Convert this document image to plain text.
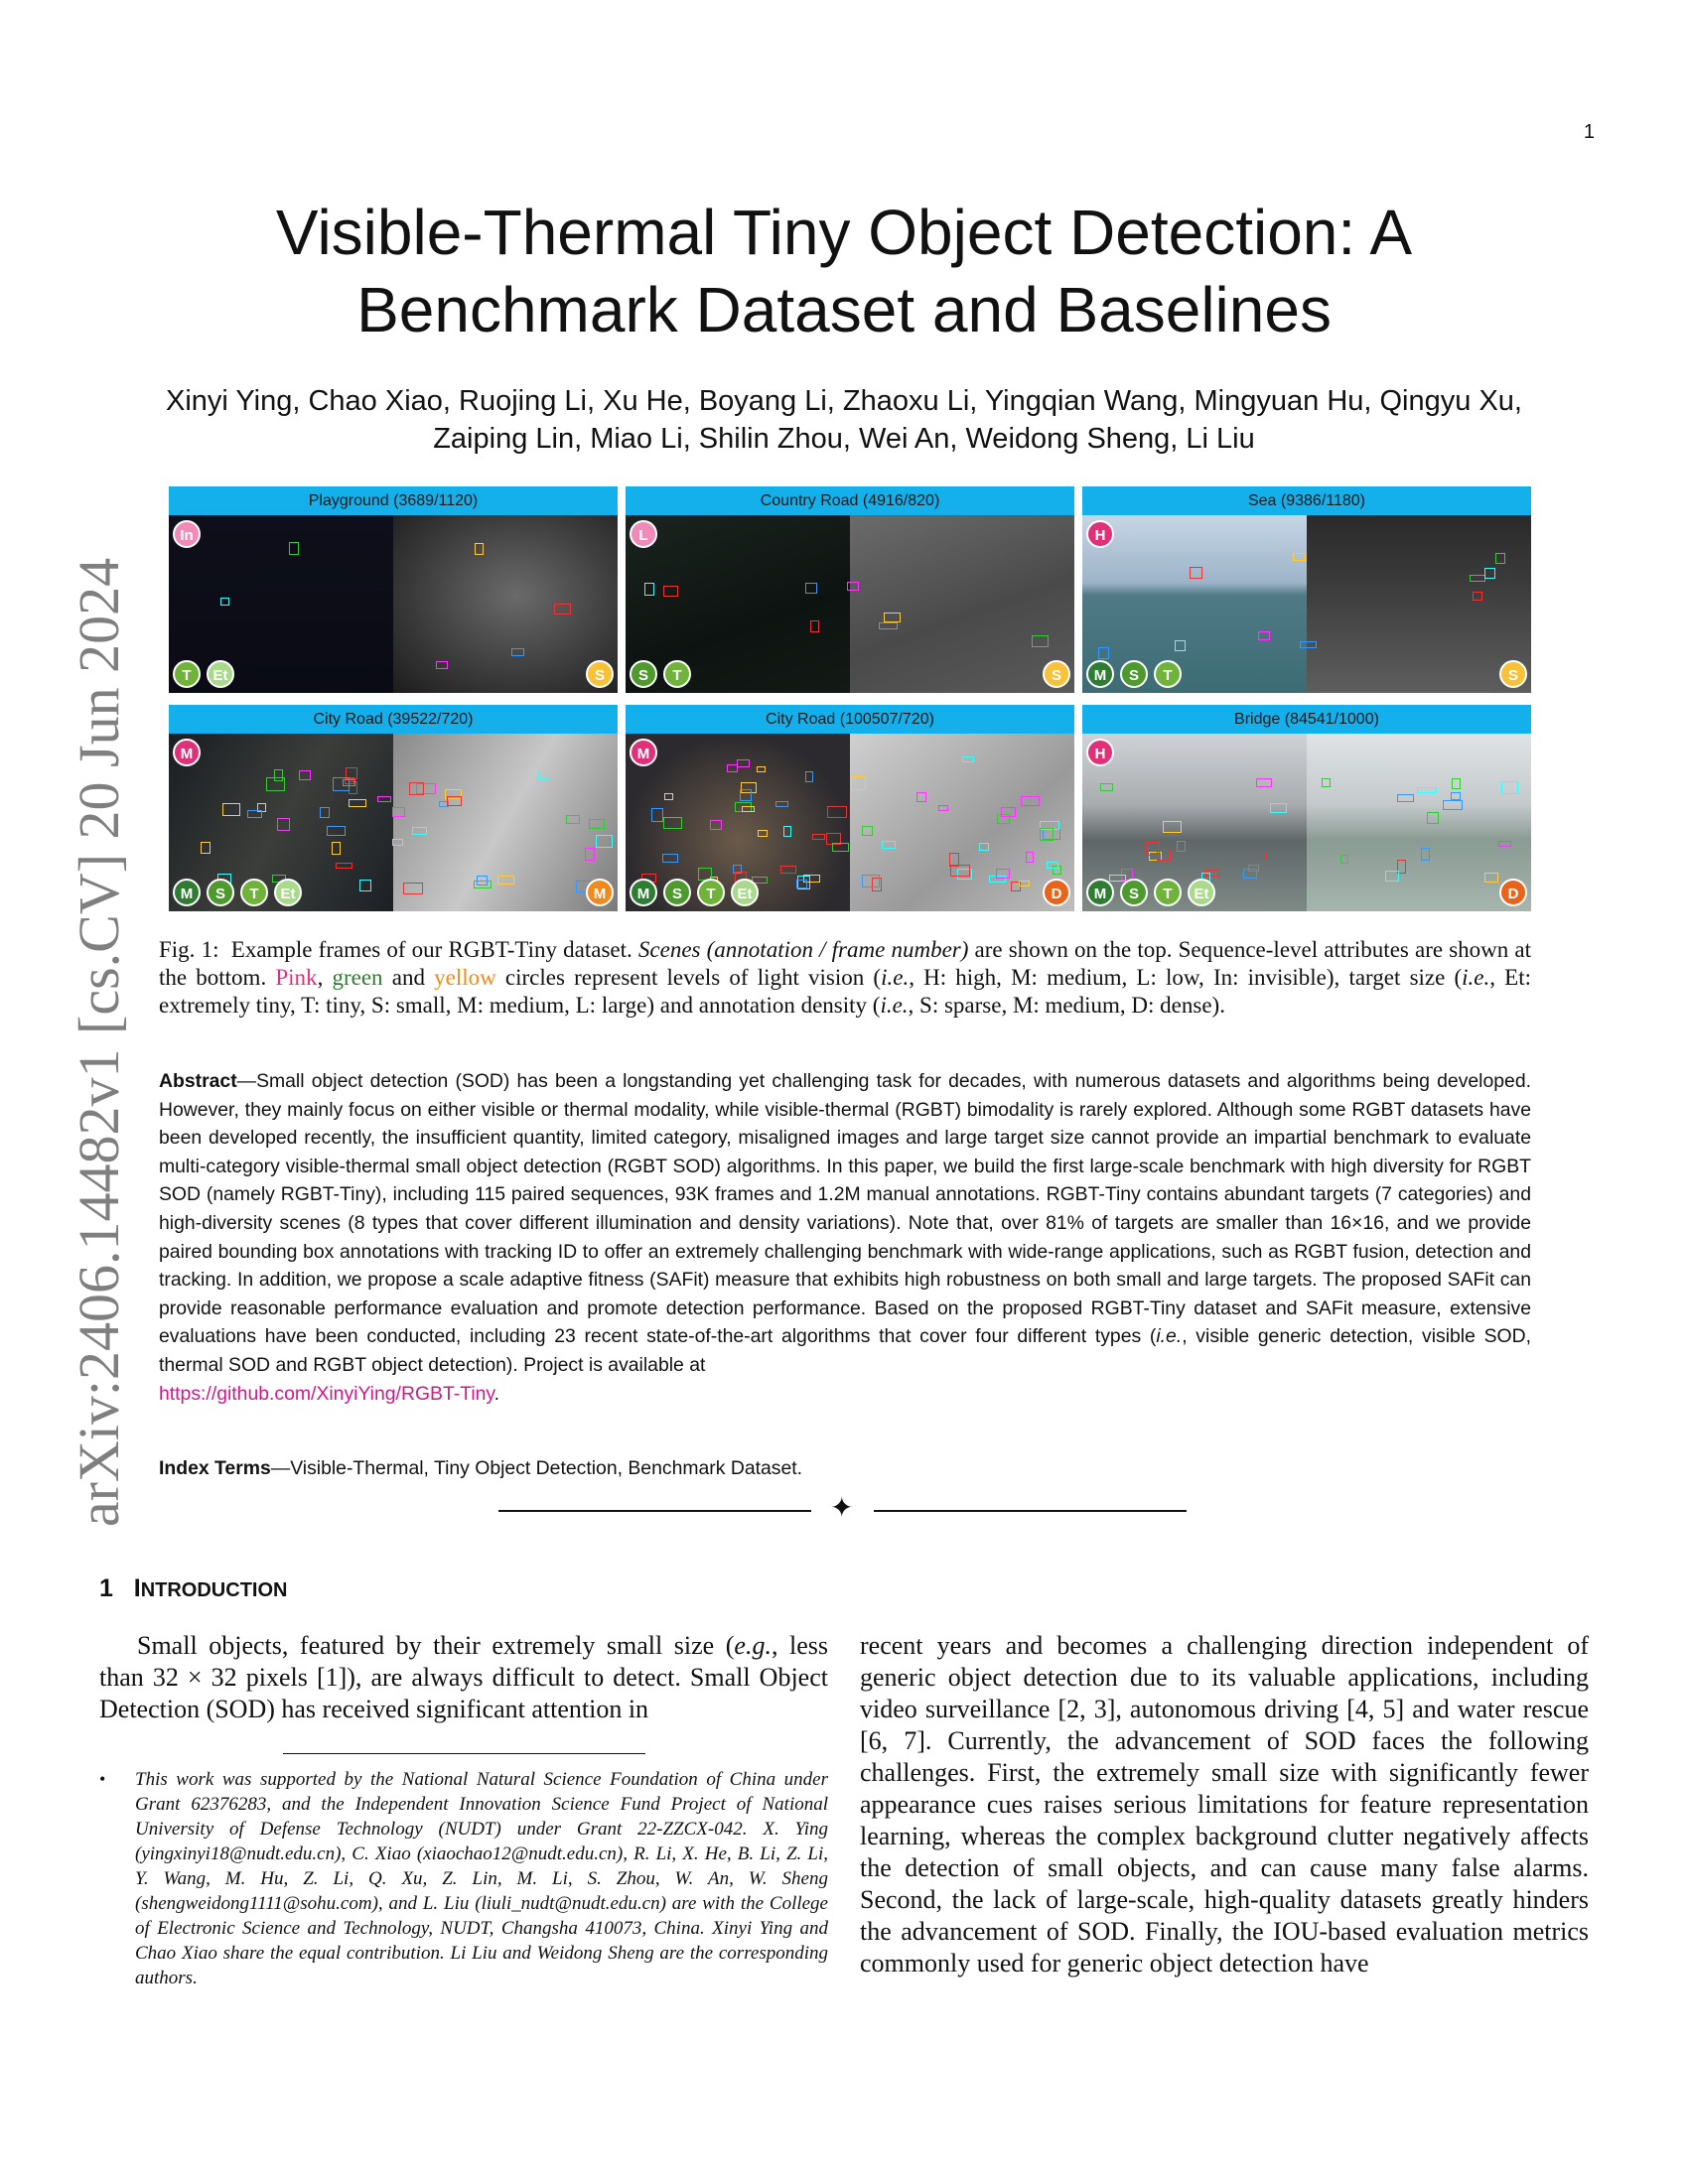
arXiv:2406.14482v1 [cs.CV] 20 Jun 2024
1
Visible-Thermal Tiny Object Detection: A
Benchmark Dataset and Baselines
Xinyi Ying, Chao Xiao, Ruojing Li, Xu He, Boyang Li, Zhaoxu Li, Yingqian Wang, Mingyuan Hu, Qingyu Xu,
Zaiping Lin, Miao Li, Shilin Zhou, Wei An, Weidong Sheng, Li Liu
Playground (3689/1120)
In
T	Et	S
Country Road (4916/820)
L
S	T	S
Sea (9386/1180)
H
M	S	T	S
City Road (39522/720)
M
M	S	T	Et	M
City Road (100507/720)
M
M	S	T	Et	D
Bridge (84541/1000)
H
M	S	T	Et	D
Fig. 1: Example frames of our RGBT-Tiny dataset. Scenes (annotation / frame number) are shown on the top. Sequence-level attributes are shown at the bottom. Pink, green and yellow circles represent levels of light vision (i.e., H: high, M: medium, L: low, In: invisible), target size (i.e., Et: extremely tiny, T: tiny, S: small, M: medium, L: large) and annotation density (i.e., S: sparse, M: medium, D: dense).
Abstract—Small object detection (SOD) has been a longstanding yet challenging task for decades, with numerous datasets and algorithms being developed. However, they mainly focus on either visible or thermal modality, while visible-thermal (RGBT) bimodality is rarely explored. Although some RGBT datasets have been developed recently, the insufficient quantity, limited category, misaligned images and large target size cannot provide an impartial benchmark to evaluate multi-category visible-thermal small object detection (RGBT SOD) algorithms. In this paper, we build the first large-scale benchmark with high diversity for RGBT SOD (namely RGBT-Tiny), including 115 paired sequences, 93K frames and 1.2M manual annotations. RGBT-Tiny contains abundant targets (7 categories) and high-diversity scenes (8 types that cover different illumination and density variations). Note that, over 81% of targets are smaller than 16×16, and we provide paired bounding box annotations with tracking ID to offer an extremely challenging benchmark with wide-range applications, such as RGBT fusion, detection and tracking. In addition, we propose a scale adaptive fitness (SAFit) measure that exhibits high robustness on both small and large targets. The proposed SAFit can provide reasonable performance evaluation and promote detection performance. Based on the proposed RGBT-Tiny dataset and SAFit measure, extensive evaluations have been conducted, including 23 recent state-of-the-art algorithms that cover four different types (i.e., visible generic detection, visible SOD, thermal SOD and RGBT object detection). Project is available at
https://github.com/XinyiYing/RGBT-Tiny.
Index Terms—Visible-Thermal, Tiny Object Detection, Benchmark Dataset.
✦
1 INTRODUCTION
Small objects, featured by their extremely small size (e.g., less than 32 × 32 pixels [1]), are always difficult to detect. Small Object Detection (SOD) has received significant attention in
recent years and becomes a challenging direction independent of generic object detection due to its valuable applications, including video surveillance [2, 3], autonomous driving [4, 5] and water rescue [6, 7]. Currently, the advancement of SOD faces the following challenges. First, the extremely small size with significantly fewer appearance cues raises serious limitations for feature representation learning, whereas the complex background clutter negatively affects the detection of small objects, and can cause many false alarms. Second, the lack of large-scale, high-quality datasets greatly hinders the advancement of SOD. Finally, the IOU-based evaluation metrics commonly used for generic object detection have
• This work was supported by the National Natural Science Foundation of China under Grant 62376283, and the Independent Innovation Science Fund Project of National University of Defense Technology (NUDT) under Grant 22-ZZCX-042. X. Ying (yingxinyi18@nudt.edu.cn), C. Xiao (xiaochao12@nudt.edu.cn), R. Li, X. He, B. Li, Z. Li, Y. Wang, M. Hu, Z. Li, Q. Xu, Z. Lin, M. Li, S. Zhou, W. An, W. Sheng (shengweidong1111@sohu.com), and L. Liu (liuli_nudt@nudt.edu.cn) are with the College of Electronic Science and Technology, NUDT, Changsha 410073, China. Xinyi Ying and Chao Xiao share the equal contribution. Li Liu and Weidong Sheng are the corresponding authors.
